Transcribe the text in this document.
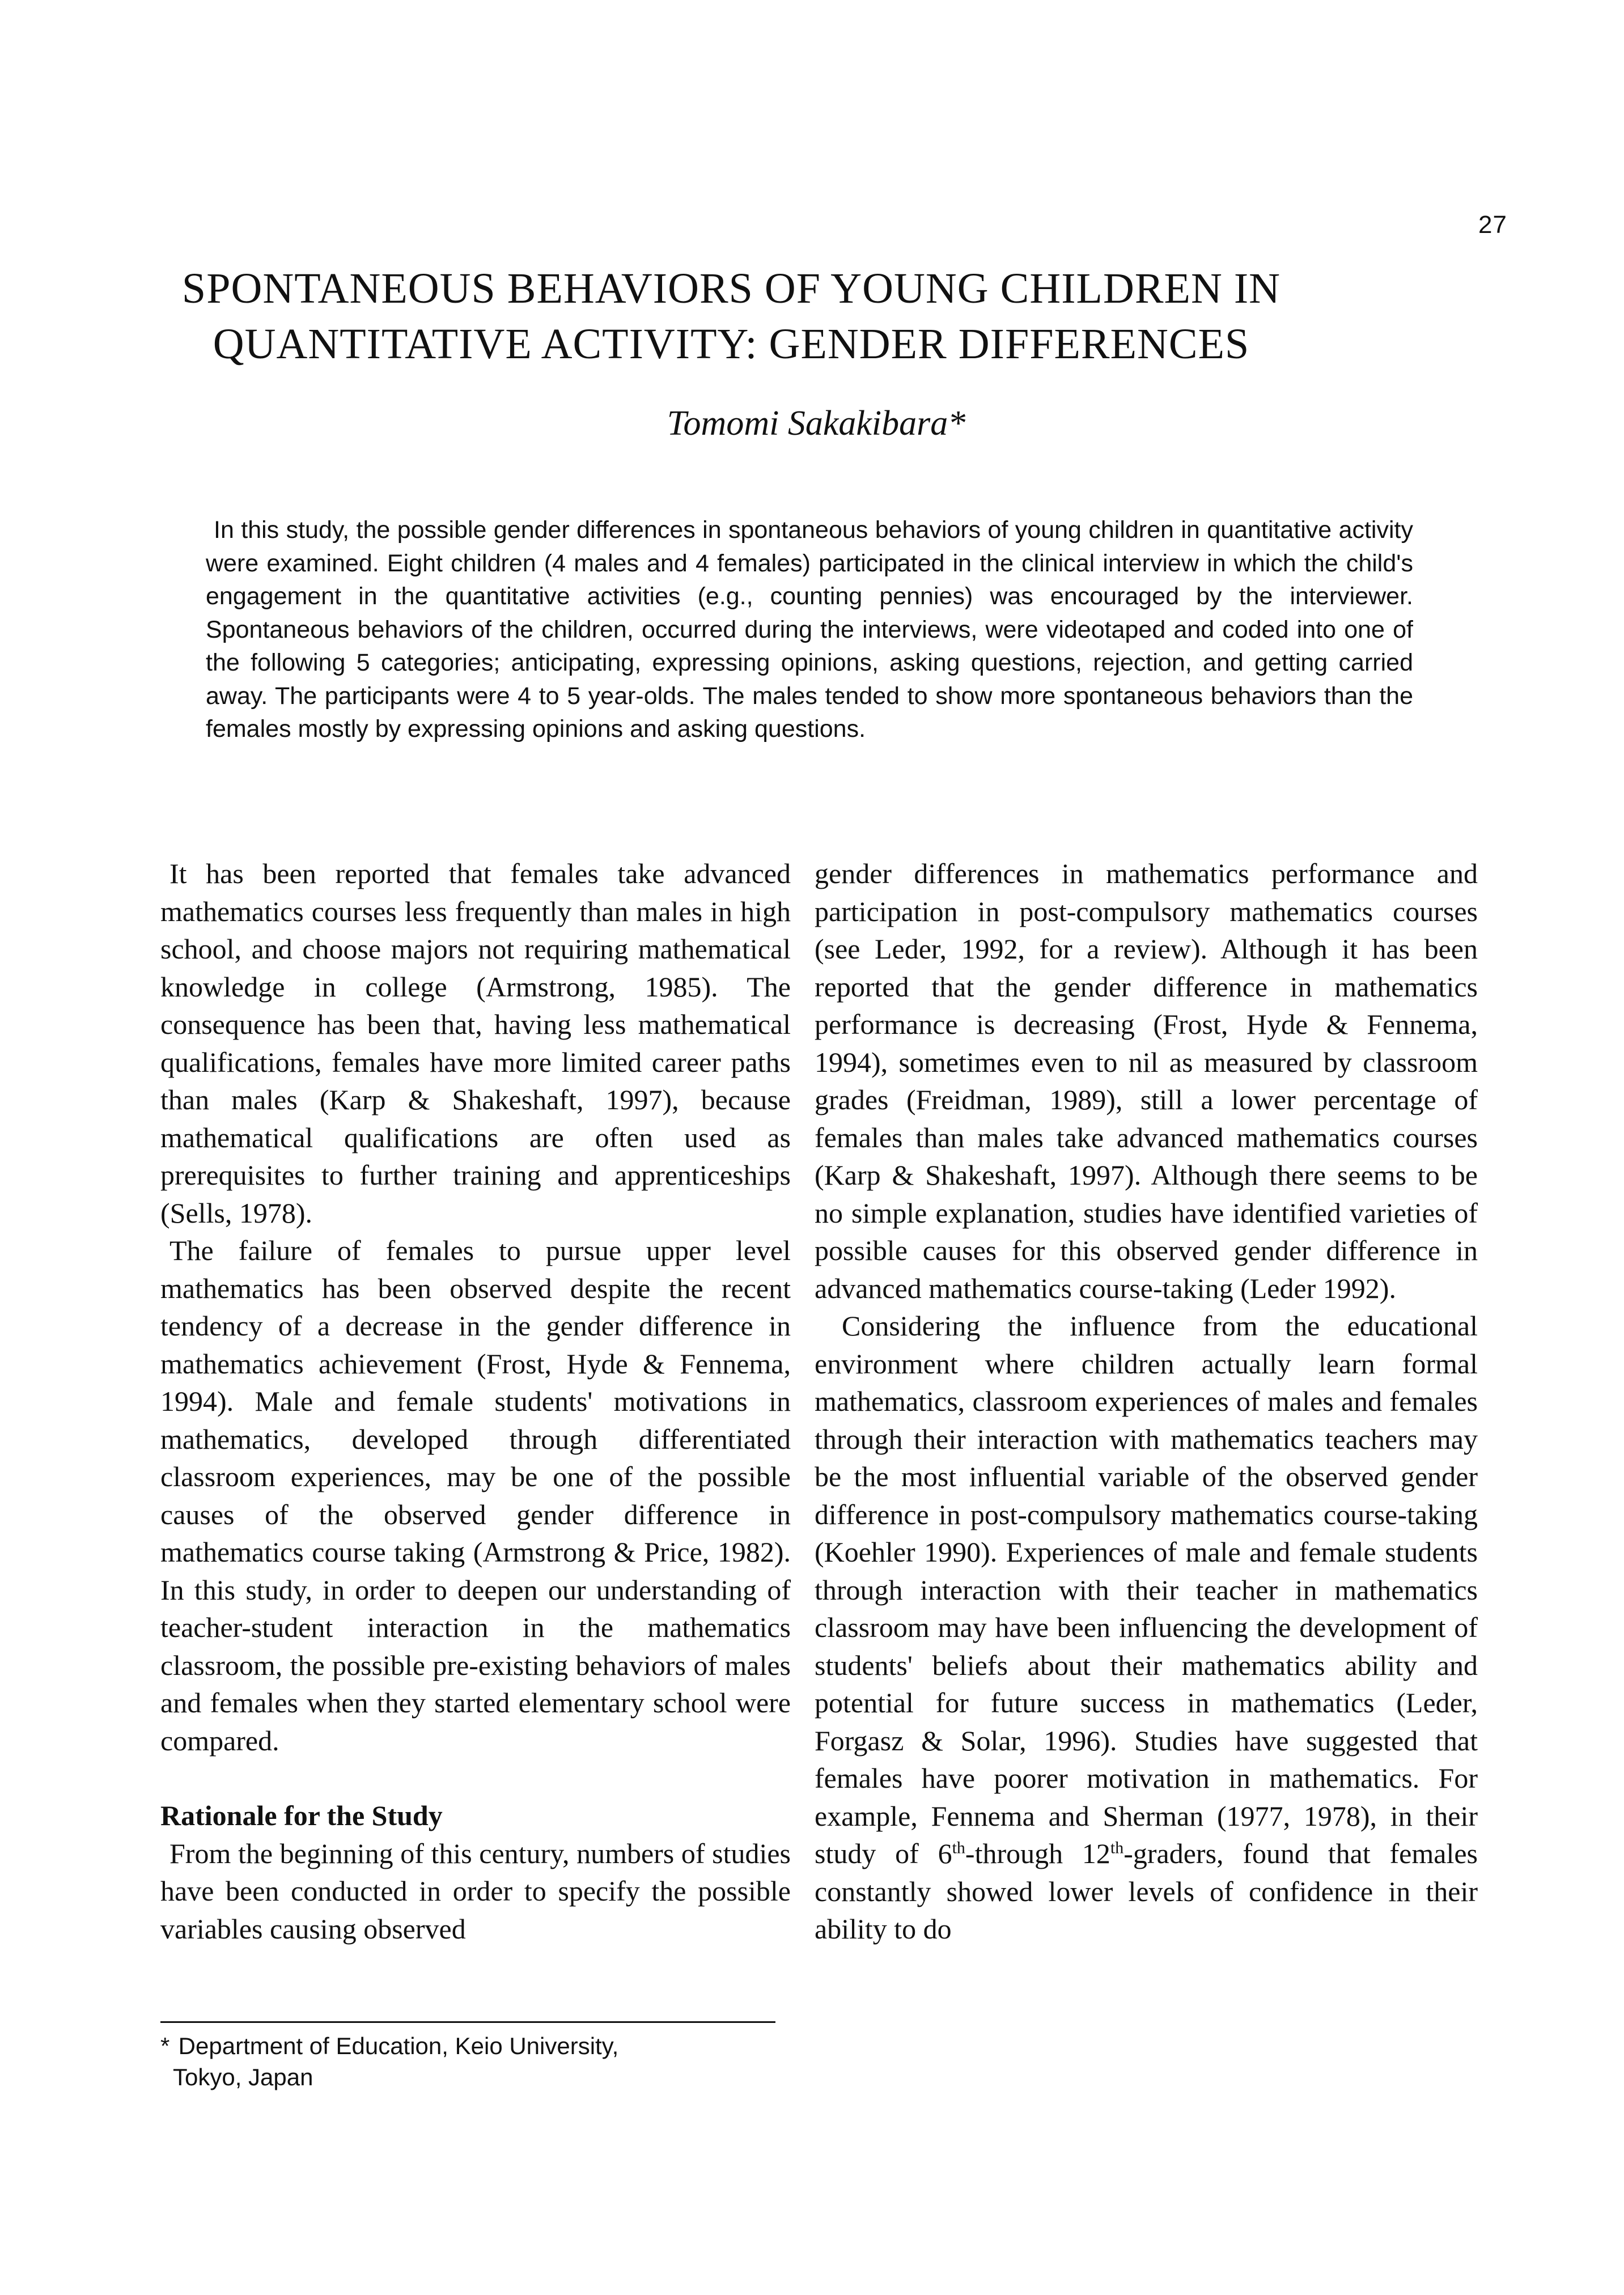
27
SPONTANEOUS BEHAVIORS OF YOUNG CHILDREN IN
QUANTITATIVE ACTIVITY: GENDER DIFFERENCES
Tomomi Sakakibara*

In this study, the possible gender differences in spontaneous behaviors of young children in quantitative activity were examined. Eight children (4 males and 4 females) participated in the clinical interview in which the child's engagement in the quantitative activities (e.g., counting pennies) was encouraged by the interviewer. Spontaneous behaviors of the children, occurred during the interviews, were videotaped and coded into one of the following 5 categories; anticipating, expressing opinions, asking questions, rejection, and getting carried away. The participants were 4 to 5 year-olds. The males tended to show more spontaneous behaviors than the females mostly by expressing opinions and asking questions.

It has been reported that females take advanced mathematics courses less frequently than males in high school, and choose majors not requiring mathematical knowledge in college (Armstrong, 1985). The consequence has been that, having less mathematical qualifications, females have more limited career paths than males (Karp & Shakeshaft, 1997), because mathematical qualifications are often used as prerequisites to further training and apprenticeships (Sells, 1978).

The failure of females to pursue upper level mathematics has been observed despite the recent tendency of a decrease in the gender difference in mathematics achievement (Frost, Hyde & Fennema, 1994). Male and female students' motivations in mathematics, developed through differentiated classroom experiences, may be one of the possible causes of the observed gender difference in mathematics course taking (Armstrong & Price, 1982). In this study, in order to deepen our understanding of teacher-student interaction in the mathematics classroom, the possible pre-existing behaviors of males and females when they started elementary school were compared.

Rationale for the Study

From the beginning of this century, numbers of studies have been conducted in order to specify the possible variables causing observed

gender differences in mathematics performance and participation in post-compulsory mathematics courses (see Leder, 1992, for a review). Although it has been reported that the gender difference in mathematics performance is decreasing (Frost, Hyde & Fennema, 1994), sometimes even to nil as measured by classroom grades (Freidman, 1989), still a lower percentage of females than males take advanced mathematics courses (Karp & Shakeshaft, 1997). Although there seems to be no simple explanation, studies have identified varieties of possible causes for this observed gender difference in advanced mathematics course-taking (Leder 1992).

Considering the influence from the educational environment where children actually learn formal mathematics, classroom experiences of males and females through their interaction with mathematics teachers may be the most influential variable of the observed gender difference in post-compulsory mathematics course-taking (Koehler 1990). Experiences of male and female students through interaction with their teacher in mathematics classroom may have been influencing the development of students' beliefs about their mathematics ability and potential for future success in mathematics (Leder, Forgasz & Solar, 1996). Studies have suggested that females have poorer motivation in mathematics. For example, Fennema and Sherman (1977, 1978), in their study of 6th-through 12th-graders, found that females constantly showed lower levels of confidence in their ability to do

* Department of Education, Keio University,
Tokyo, Japan
